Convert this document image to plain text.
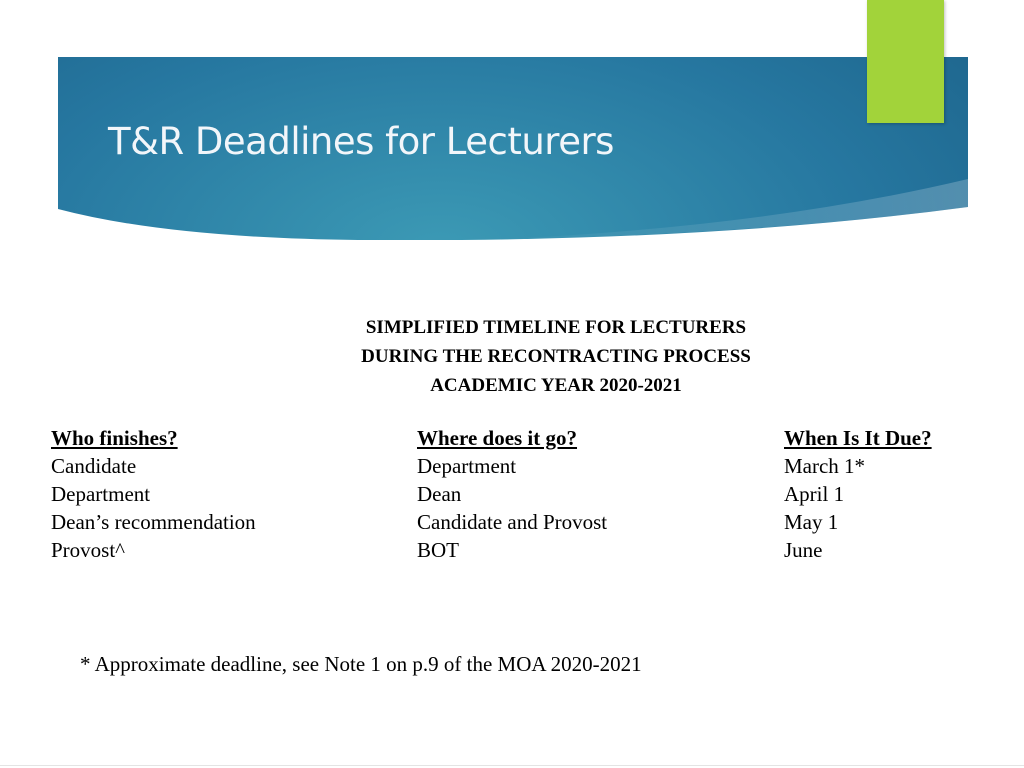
T&R Deadlines for Lecturers
SIMPLIFIED TIMELINE FOR LECTURERS
DURING THE RECONTRACTING PROCESS
ACADEMIC YEAR 2020-2021
Who finishes?	Where does it go?	When Is It Due?
Candidate	Department	March 1*
Department	Dean	April 1
Dean’s recommendation	Candidate and Provost	May 1
Provost^	BOT	June
* Approximate deadline, see Note 1 on p.9 of the MOA 2020-2021
